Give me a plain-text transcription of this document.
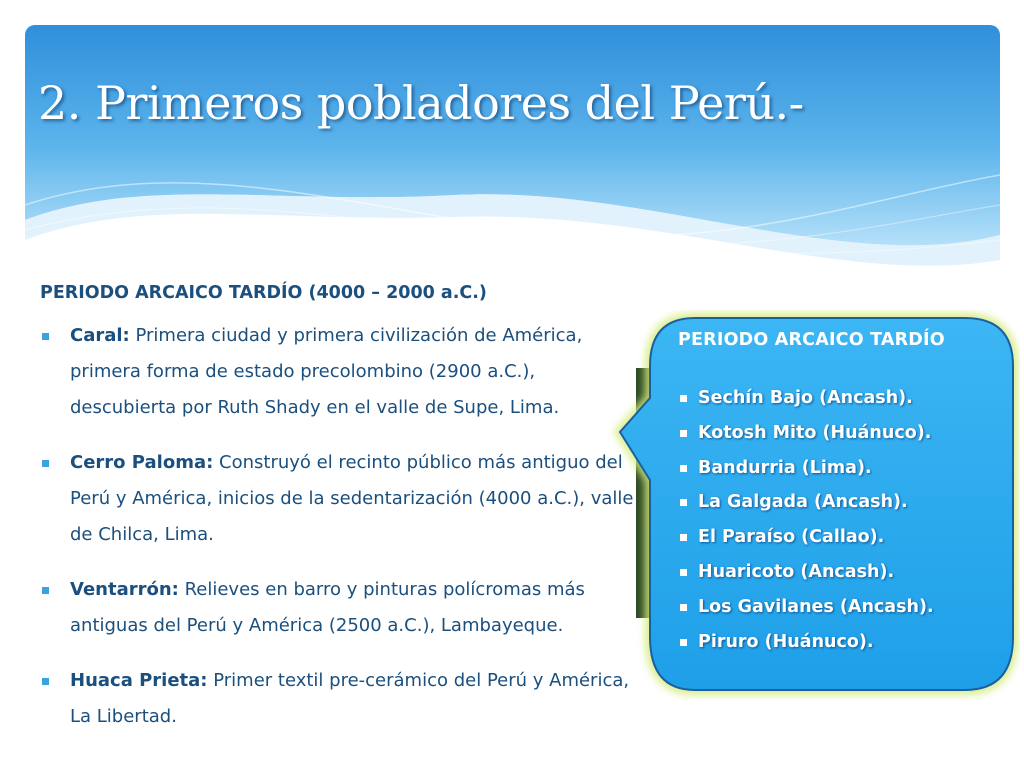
2. Primeros pobladores del Perú.-

PERIODO ARCAICO TARDÍO (4000 – 2000 a.C.)

Caral: Primera ciudad y primera civilización de América, primera forma de estado precolombino (2900 a.C.), descubierta por Ruth Shady en el valle de Supe, Lima.
Cerro Paloma: Construyó el recinto público más antiguo del Perú y América, inicios de la sedentarización (4000 a.C.), valle de Chilca, Lima.
Ventarrón: Relieves en barro y pinturas polícromas más antiguas del Perú y América (2500 a.C.), Lambayeque.
Huaca Prieta: Primer textil pre-cerámico del Perú y América, La Libertad.

PERIODO ARCAICO TARDÍO

Sechín Bajo (Ancash).
Kotosh Mito (Huánuco).
Bandurria (Lima).
La Galgada (Ancash).
El Paraíso (Callao).
Huaricoto (Ancash).
Los Gavilanes (Ancash).
Piruro (Huánuco).
